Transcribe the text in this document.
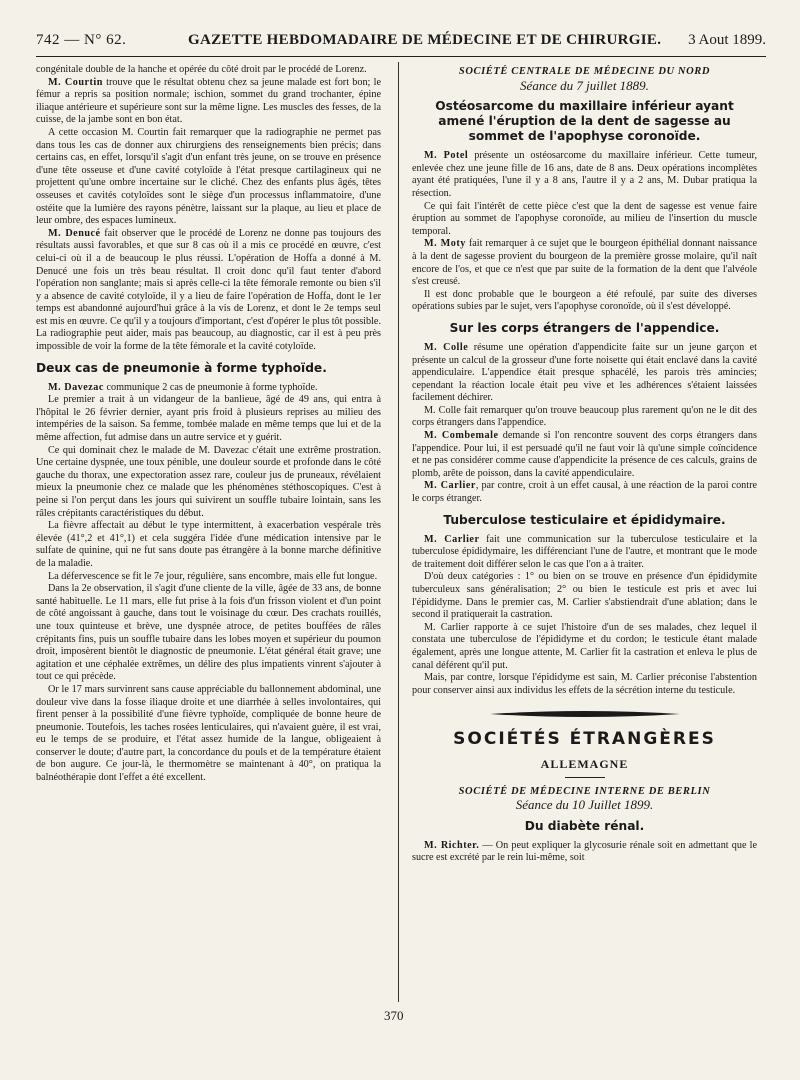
742 — N° 62.	GAZETTE HEBDOMADAIRE DE MÉDECINE ET DE CHIRURGIE. 3 Aout 1899.

congénitale double de la hanche et opérée du côté droit par le procédé de Lorenz.

M. Courtin trouve que le résultat obtenu chez sa jeune malade est fort bon; le fémur a repris sa position normale; ischion, sommet du grand trochanter, épine iliaque antérieure et supérieure sont sur la même ligne. Les muscles des fesses, de la cuisse, de la jambe sont en bon état.

A cette occasion M. Courtin fait remarquer que la radiographie ne permet pas dans tous les cas de donner aux chirurgiens des renseignements bien précis; dans certains cas, en effet, lorsqu'il s'agit d'un enfant très jeune, on se trouve en présence d'une tête osseuse et d'une cavité cotyloïde à l'état presque cartilagineux qui ne projettent qu'une ombre incertaine sur le cliché. Chez des enfants plus âgés, têtes osseuses et cavités cotyloïdes sont le siège d'un processus inflammatoire, d'une ostéite que la lumière des rayons pénètre, laissant sur la plaque, au lieu et place de leur ombre, des espaces lumineux.

M. Denucé fait observer que le procédé de Lorenz ne donne pas toujours des résultats aussi favorables, et que sur 8 cas où il a mis ce procédé en œuvre, c'est celui-ci où il a de beaucoup le plus réussi. L'opération de Hoffa a donné à M. Denucé une fois un très beau résultat. Il croit donc qu'il faut tenter d'abord l'opération non sanglante; mais si après celle-ci la tête fémorale remonte ou bien s'il y a absence de cavité cotyloïde, il y a lieu de faire l'opération de Hoffa, dont le 1er temps est abandonné aujourd'hui grâce à la vis de Lorenz, et dont le 2e temps seul est mis en œuvre. Ce qu'il y a toujours d'important, c'est d'opérer le plus tôt possible. La radiographie peut aider, mais pas beaucoup, au diagnostic, car il est à peu près impossible de voir la forme de la tête fémorale et la cavité cotyloïde.

Deux cas de pneumonie à forme typhoïde.

M. Davezac communique 2 cas de pneumonie à forme typhoïde.

Le premier a trait à un vidangeur de la banlieue, âgé de 49 ans, qui entra à l'hôpital le 26 février dernier, ayant pris froid à plusieurs reprises au milieu des intempéries de la saison. Sa femme, tombée malade en même temps que lui et de la même affection, fut admise dans un autre service et y guérit.

Ce qui dominait chez le malade de M. Davezac c'était une extrême prostration. Une certaine dyspnée, une toux pénible, une douleur sourde et profonde dans le côté gauche du thorax, une expectoration assez rare, couleur jus de pruneaux, révélaient mieux la pneumonie chez ce malade que les phénomènes stéthoscopiques. C'est à peine si l'on perçut dans les jours qui suivirent un souffle tubaire lointain, sans les râles crépitants caractéristiques du début.

La fièvre affectait au début le type intermittent, à exacerbation vespérale très élevée (41°,2 et 41°,1) et cela suggéra l'idée d'une médication intensive par le sulfate de quinine, qui ne fut sans doute pas étrangère à la bonne marche définitive de la maladie.

La défervescence se fit le 7e jour, régulière, sans encombre, mais elle fut longue.

Dans la 2e observation, il s'agit d'une cliente de la ville, âgée de 33 ans, de bonne santé habituelle. Le 11 mars, elle fut prise à la fois d'un frisson violent et d'un point de côté angoissant à gauche, dans tout le voisinage du cœur. Des crachats rouillés, une toux quinteuse et brève, une dyspnée atroce, de petites bouffées de râles crépitants fins, puis un souffle tubaire dans les lobes moyen et supérieur du poumon droit, imposèrent bientôt le diagnostic de pneumonie. L'état général était grave; une agitation et une céphalée extrêmes, un délire des plus impatients vinrent s'ajouter à tout ce qui précède.

Or le 17 mars survinrent sans cause appréciable du ballonnement abdominal, une douleur vive dans la fosse iliaque droite et une diarrhée à selles involontaires, qui firent penser à la possibilité d'une fièvre typhoïde, compliquée de bonne heure de pneumonie. Toutefois, les taches rosées lenticulaires, qui n'avaient guère, il est vrai, eu le temps de se produire, et l'état assez humide de la langue, obligeaient à conserver le doute; d'autre part, la concordance du pouls et de la température étaient de bon augure. Ce jour-là, le thermomètre se maintenant à 40°, on pratiqua la balnéothérapie dont l'effet a été excellent.

SOCIÉTÉ CENTRALE DE MÉDECINE DU NORD
Séance du 7 juillet 1889.
Ostéosarcome du maxillaire inférieur ayant amené l'éruption de la dent de sagesse au sommet de l'apophyse coronoïde.

M. Potel présente un ostéosarcome du maxillaire inférieur. Cette tumeur, enlevée chez une jeune fille de 16 ans, date de 8 ans. Deux opérations incomplètes ayant été pratiquées, l'une il y a 8 ans, l'autre il y a 2 ans, M. Dubar pratiqua la résection.

Ce qui fait l'intérêt de cette pièce c'est que la dent de sagesse est venue faire éruption au sommet de l'apophyse coronoïde, au milieu de l'insertion du muscle temporal.

M. Moty fait remarquer à ce sujet que le bourgeon épithélial donnant naissance à la dent de sagesse provient du bourgeon de la première grosse molaire, qu'il naît encore de l'os, et que ce n'est que par suite de la formation de la dent que l'alvéole s'est creusé.

Il est donc probable que le bourgeon a été refoulé, par suite des diverses opérations subies par le sujet, vers l'apophyse coronoïde, où il s'est développé.

Sur les corps étrangers de l'appendice.

M. Colle résume une opération d'appendicite faite sur un jeune garçon et présente un calcul de la grosseur d'une forte noisette qui était enclavé dans la cavité appendiculaire. L'appendice était presque sphacélé, les parois très amincies; cependant la réaction locale était peu vive et les adhérences s'étaient laissées facilement déchirer.

M. Colle fait remarquer qu'on trouve beaucoup plus rarement qu'on ne le dit des corps étrangers dans l'appendice.

M. Combemale demande si l'on rencontre souvent des corps étrangers dans l'appendice. Pour lui, il est persuadé qu'il ne faut voir là qu'une simple coïncidence et ne pas considérer comme cause d'appendicite la présence de ces calculs, grains de plomb, arête de poisson, dans la cavité appendiculaire.

M. Carlier, par contre, croit à un effet causal, à une réaction de la paroi contre le corps étranger.

Tuberculose testiculaire et épididymaire.

M. Carlier fait une communication sur la tuberculose testiculaire et la tuberculose épididymaire, les différenciant l'une de l'autre, et montrant que le mode de traitement doit différer selon le cas que l'on a à traiter.

D'où deux catégories : 1° ou bien on se trouve en présence d'un épididymite tuberculeux sans généralisation; 2° ou bien le testicule est pris et avec lui l'épididyme. Dans le premier cas, M. Carlier s'abstiendrait d'une ablation; dans le second il pratiquerait la castration.

M. Carlier rapporte à ce sujet l'histoire d'un de ses malades, chez lequel il constata une tuberculose de l'épididyme et du cordon; le testicule étant malade également, après une longue attente, M. Carlier fit la castration et enleva le plus de canal déférent qu'il put.

Mais, par contre, lorsque l'épididyme est sain, M. Carlier préconise l'abstention pour conserver ainsi aux individus les effets de la sécrétion interne du testicule.

SOCIÉTÉS ÉTRANGÈRES
ALLEMAGNE
SOCIÉTÉ DE MÉDECINE INTERNE DE BERLIN
Séance du 10 Juillet 1899.
Du diabète rénal.

M. Richter. — On peut expliquer la glycosurie rénale soit en admettant que le sucre est excrété par le rein lui-même, soit

370
